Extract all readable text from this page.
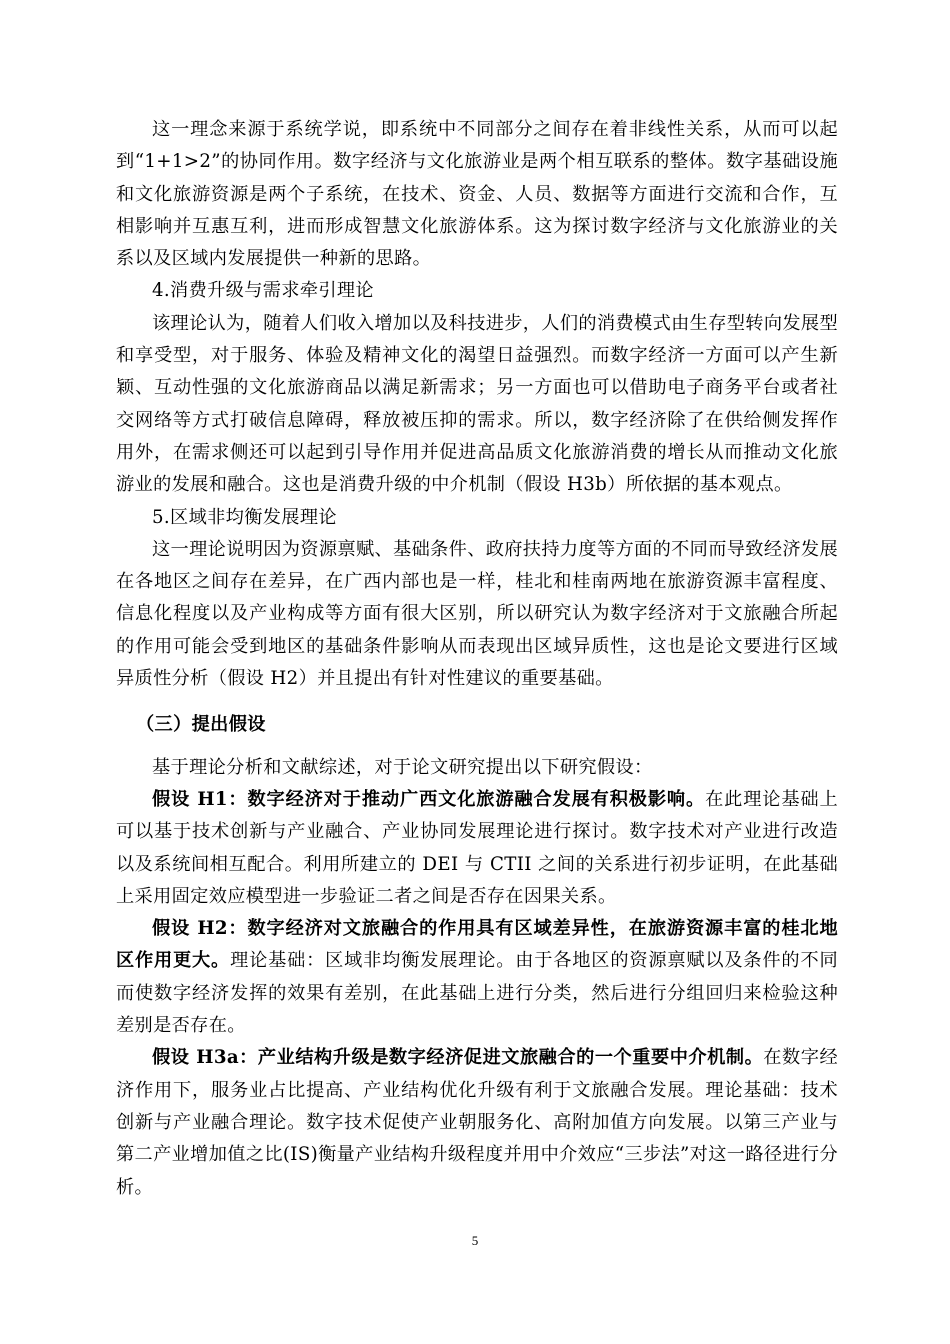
这一理念来源于系统学说，即系统中不同部分之间存在着非线性关系，从而可以起到“1+1>2”的协同作用。数字经济与文化旅游业是两个相互联系的整体。数字基础设施和文化旅游资源是两个子系统，在技术、资金、人员、数据等方面进行交流和合作，互相影响并互惠互利，进而形成智慧文化旅游体系。这为探讨数字经济与文化旅游业的关系以及区域内发展提供一种新的思路。

4.消费升级与需求牵引理论

该理论认为，随着人们收入增加以及科技进步，人们的消费模式由生存型转向发展型和享受型，对于服务、体验及精神文化的渴望日益强烈。而数字经济一方面可以产生新颖、互动性强的文化旅游商品以满足新需求；另一方面也可以借助电子商务平台或者社交网络等方式打破信息障碍，释放被压抑的需求。所以，数字经济除了在供给侧发挥作用外，在需求侧还可以起到引导作用并促进高品质文化旅游消费的增长从而推动文化旅游业的发展和融合。这也是消费升级的中介机制（假设 H3b）所依据的基本观点。

5.区域非均衡发展理论

这一理论说明因为资源禀赋、基础条件、政府扶持力度等方面的不同而导致经济发展在各地区之间存在差异，在广西内部也是一样，桂北和桂南两地在旅游资源丰富程度、信息化程度以及产业构成等方面有很大区别，所以研究认为数字经济对于文旅融合所起的作用可能会受到地区的基础条件影响从而表现出区域异质性，这也是论文要进行区域异质性分析（假设 H2）并且提出有针对性建议的重要基础。

（三）提出假设

基于理论分析和文献综述，对于论文研究提出以下研究假设：

假设 H1：数字经济对于推动广西文化旅游融合发展有积极影响。在此理论基础上可以基于技术创新与产业融合、产业协同发展理论进行探讨。数字技术对产业进行改造以及系统间相互配合。利用所建立的 DEI 与 CTII 之间的关系进行初步证明，在此基础上采用固定效应模型进一步验证二者之间是否存在因果关系。

假设 H2：数字经济对文旅融合的作用具有区域差异性，在旅游资源丰富的桂北地区作用更大。理论基础：区域非均衡发展理论。由于各地区的资源禀赋以及条件的不同而使数字经济发挥的效果有差别，在此基础上进行分类，然后进行分组回归来检验这种差别是否存在。

假设 H3a：产业结构升级是数字经济促进文旅融合的一个重要中介机制。在数字经济作用下，服务业占比提高、产业结构优化升级有利于文旅融合发展。理论基础：技术创新与产业融合理论。数字技术促使产业朝服务化、高附加值方向发展。以第三产业与第二产业增加值之比(IS)衡量产业结构升级程度并用中介效应“三步法”对这一路径进行分析。

5
